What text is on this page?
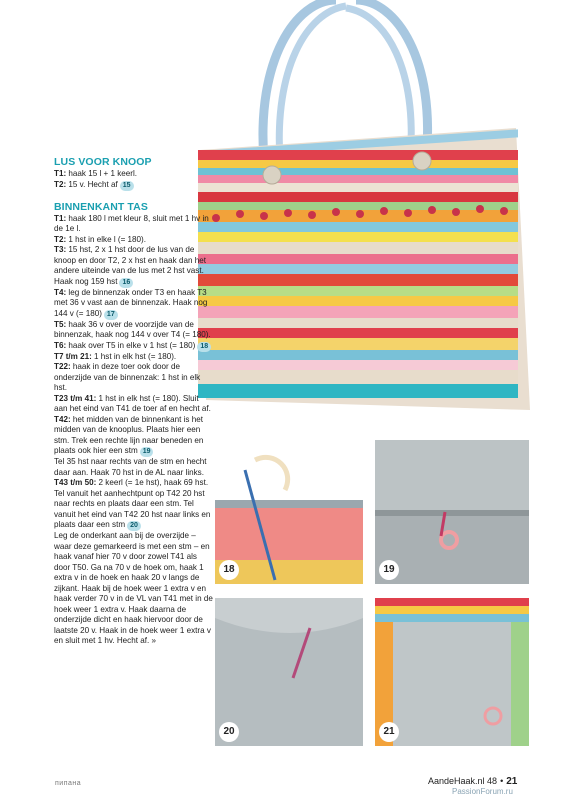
LUS VOOR KNOOP

T1: haak 15 l + 1 keerl.

T2: 15 v. Hecht af 15

BINNENKANT TAS

T1: haak 180 l met kleur 8, sluit met 1 hv in de 1e l.

T2: 1 hst in elke l (= 180).

T3: 15 hst, 2 x 1 hst door de lus van de knoop en door T2, 2 x hst en haak dan het andere uiteinde van de lus met 2 hst vast. Haak nog 159 hst 16

T4: leg de binnenzak onder T3 en haak T3 met 36 v vast aan de binnenzak. Haak nog 144 v (= 180) 17

T5: haak 36 v over de voorzijde van de binnenzak, haak nog 144 v over T4 (= 180).

T6: haak over T5 in elke v 1 hst (= 180) 18

T7 t/m 21: 1 hst in elk hst (= 180).

T22: haak in deze toer ook door de onderzijde van de binnenzak: 1 hst in elk hst.

T23 t/m 41: 1 hst in elk hst (= 180). Sluit aan het eind van T41 de toer af en hecht af.

T42: het midden van de binnenkant is het midden van de knooplus. Plaats hier een stm. Trek een rechte lijn naar beneden en plaats ook hier een stm 19

Tel 35 hst naar rechts van de stm en hecht daar aan. Haak 70 hst in de AL naar links.

T43 t/m 50: 2 keerl (= 1e hst), haak 69 hst.

Tel vanuit het aanhechtpunt op T42 20 hst naar rechts en plaats daar een stm. Tel vanuit het eind van T42 20 hst naar links en plaats daar een stm 20

Leg de onderkant aan bij de overzijde – waar deze gemarkeerd is met een stm – en haak vanaf hier 70 v door zowel T41 als door T50. Ga na 70 v de hoek om, haak 1 extra v in de hoek en haak 20 v langs de zijkant. Haak bij de hoek weer 1 extra v en haak verder 70 v in de VL van T41 met in de hoek weer 1 extra v. Haak daarna de onderzijde dicht en haak hiervoor door de laatste 20 v. Haak in de hoek weer 1 extra v en sluit met 1 hv. Hecht af. »

18	19
20	21
пипана	AandeHaak.nl 48 • 21
PassionForum.ru
